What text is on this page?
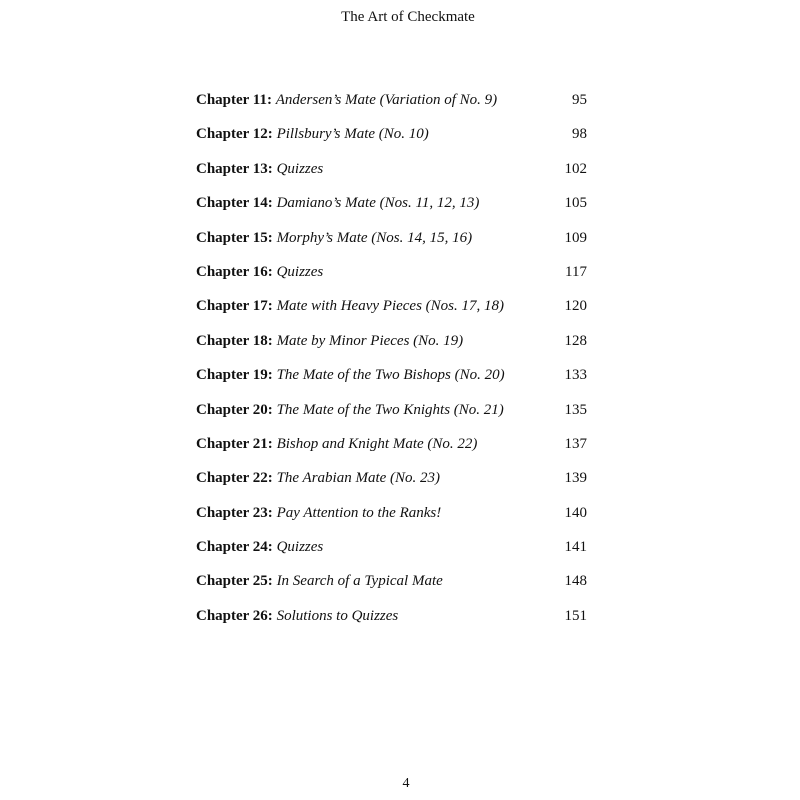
The Art of Checkmate
Chapter 11: Andersen’s Mate (Variation of No. 9)	95
Chapter 12: Pillsbury’s Mate (No. 10)	98
Chapter 13: Quizzes	102
Chapter 14: Damiano’s Mate (Nos. 11, 12, 13)	105
Chapter 15: Morphy’s Mate (Nos. 14, 15, 16)	109
Chapter 16: Quizzes	117
Chapter 17: Mate with Heavy Pieces (Nos. 17, 18)	120
Chapter 18: Mate by Minor Pieces (No. 19)	128
Chapter 19: The Mate of the Two Bishops (No. 20)	133
Chapter 20: The Mate of the Two Knights (No. 21)	135
Chapter 21: Bishop and Knight Mate (No. 22)	137
Chapter 22: The Arabian Mate (No. 23)	139
Chapter 23: Pay Attention to the Ranks!	140
Chapter 24: Quizzes	141
Chapter 25: In Search of a Typical Mate	148
Chapter 26: Solutions to Quizzes	151
4
